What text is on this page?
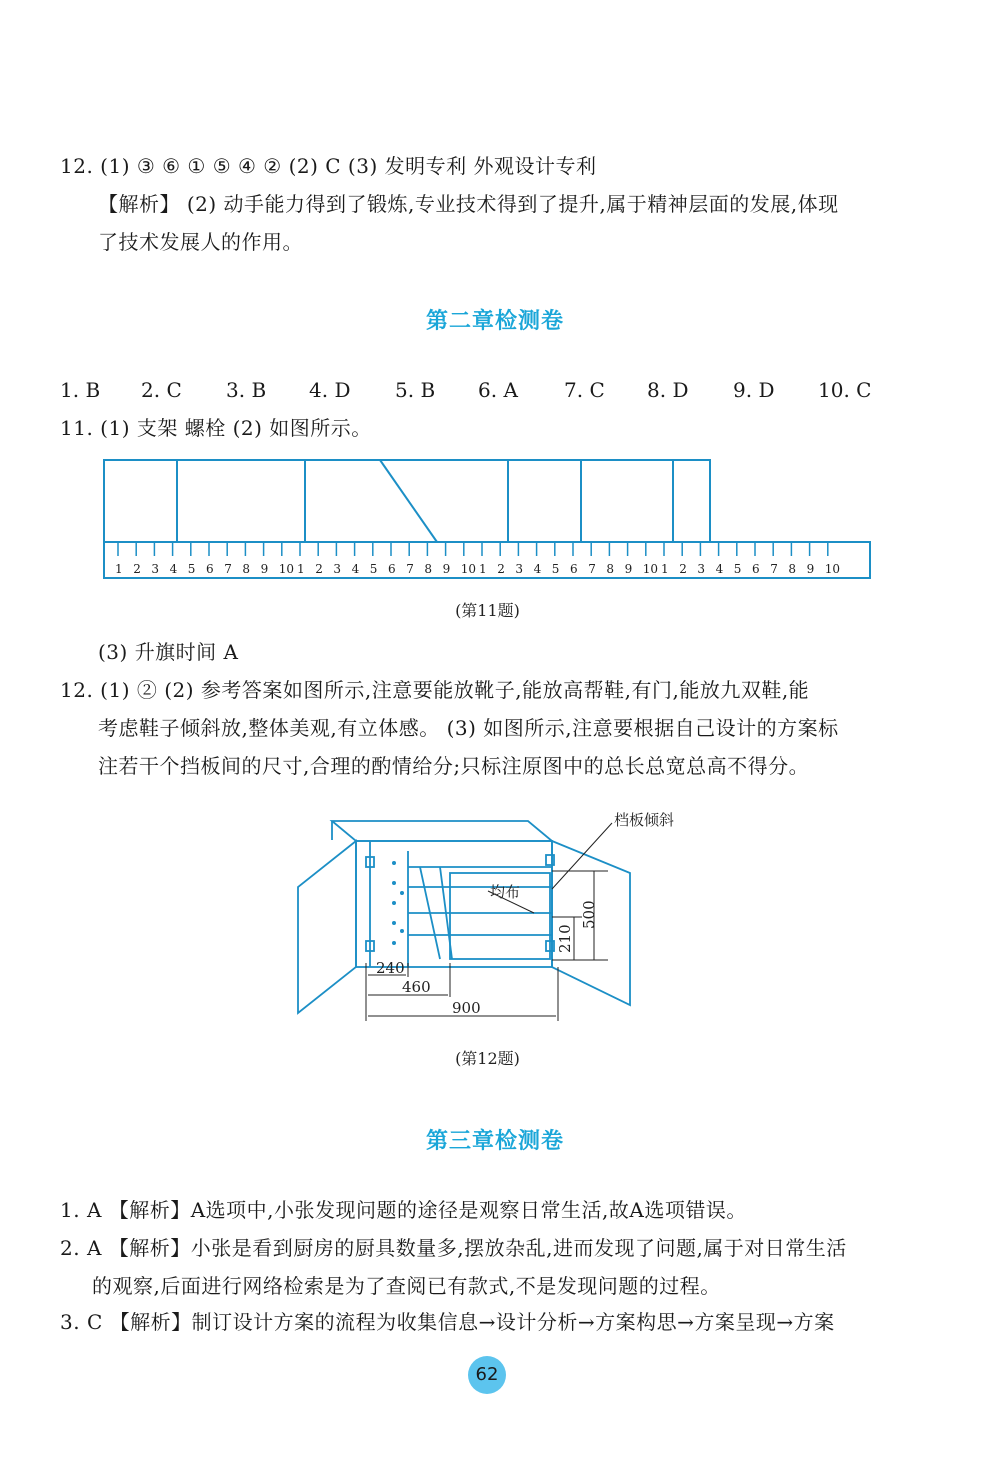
12. (1) ③ ⑥ ① ⑤ ④ ② (2) C (3) 发明专利 外观设计专利
【解析】 (2) 动手能力得到了锻炼,专业技术得到了提升,属于精神层面的发展,体现
了技术发展人的作用。
第二章检测卷
1. B 2. C 3. B 4. D 5. B 6. A 7. C 8. D 9. D 10. C
11. (1) 支架 螺栓 (2) 如图所示。
1 2 3 4 5 6 7 8 9 10 1 2 3 4 5 6 7 8 9 10 1 2 3 4 5 6 7 8 9 10 1 2 3 4 5 6 7 8 9 10
(第11题)
(3) 升旗时间 A
12. (1) ② (2) 参考答案如图所示,注意要能放靴子,能放高帮鞋,有门,能放九双鞋,能
考虑鞋子倾斜放,整体美观,有立体感。 (3) 如图所示,注意要根据自己设计的方案标
注若干个挡板间的尺寸,合理的酌情给分;只标注原图中的总长总宽总高不得分。
档板倾斜
均布
240
460
900
500
210
(第12题)
第三章检测卷
1. A 【解析】A选项中,小张发现问题的途径是观察日常生活,故A选项错误。
2. A 【解析】小张是看到厨房的厨具数量多,摆放杂乱,进而发现了问题,属于对日常生活
的观察,后面进行网络检索是为了查阅已有款式,不是发现问题的过程。
3. C 【解析】制订设计方案的流程为收集信息→设计分析→方案构思→方案呈现→方案
62
